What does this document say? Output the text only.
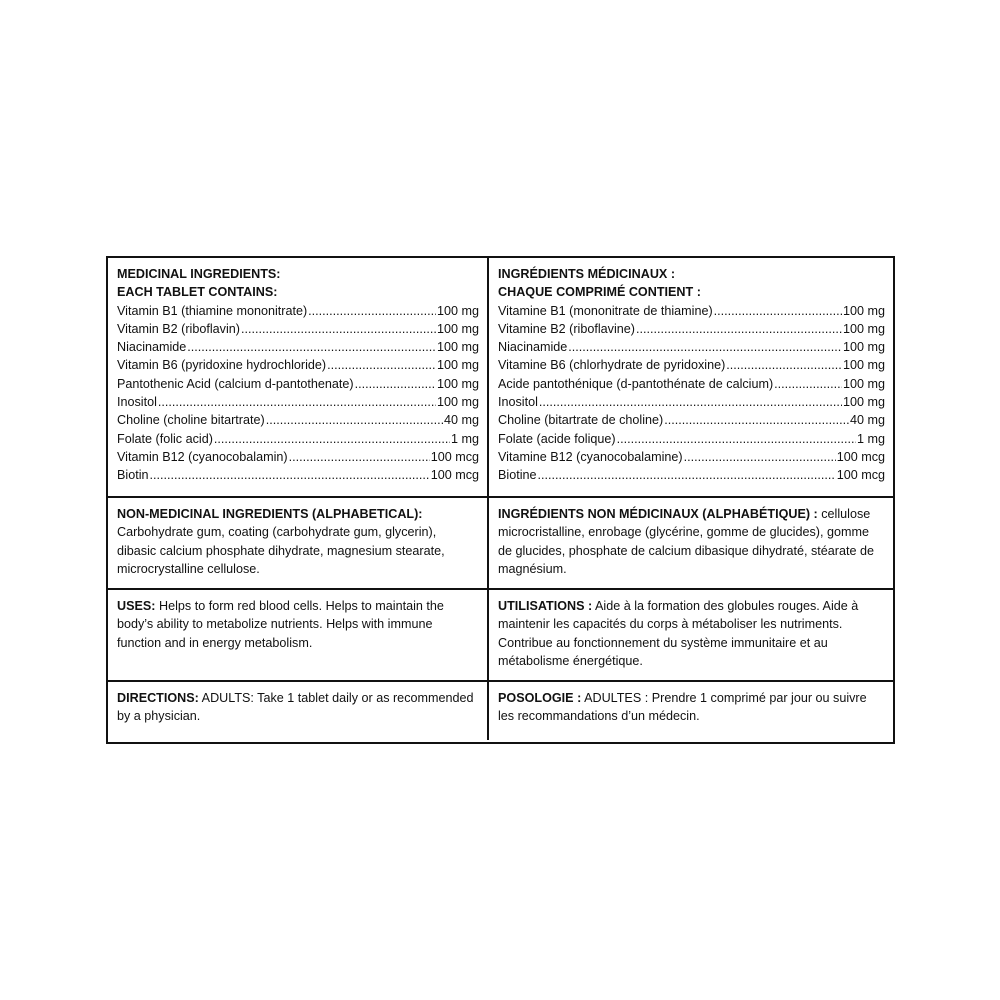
MEDICINAL INGREDIENTS:
EACH TABLET CONTAINS:
Vitamin B1 (thiamine mononitrate) .....	100 mg
Vitamin B2 (riboflavin) .....	100 mg
Niacinamide .....	100 mg
Vitamin B6 (pyridoxine hydrochloride) .....	100 mg
Pantothenic Acid (calcium d-pantothenate) .....	100 mg
Inositol .....	100 mg
Choline (choline bitartrate) .....	40 mg
Folate (folic acid) .....	1 mg
Vitamin B12 (cyanocobalamin) .....	100 mcg
Biotin .....	100 mcg
INGRÉDIENTS MÉDICINAUX :
CHAQUE COMPRIMÉ CONTIENT :
Vitamine B1 (mononitrate de thiamine) .....	100 mg
Vitamine B2 (riboflavine) .....	100 mg
Niacinamide .....	100 mg
Vitamine B6 (chlorhydrate de pyridoxine) .....	100 mg
Acide pantothénique (d-pantothénate de calcium) .....	100 mg
Inositol .....	100 mg
Choline (bitartrate de choline) .....	40 mg
Folate (acide folique) .....	1 mg
Vitamine B12 (cyanocobalamine) .....	100 mcg
Biotine .....	100 mcg
NON-MEDICINAL INGREDIENTS (ALPHABETICAL):
Carbohydrate gum, coating (carbohydrate gum, glycerin), dibasic calcium phosphate dihydrate, magnesium stearate, microcrystalline cellulose.
INGRÉDIENTS NON MÉDICINAUX (ALPHABÉTIQUE) : cellulose microcristalline, enrobage (glycérine, gomme de glucides), gomme de glucides, phosphate de calcium dibasique dihydraté, stéarate de magnésium.
USES: Helps to form red blood cells. Helps to maintain the body’s ability to metabolize nutrients. Helps with immune function and in energy metabolism.
UTILISATIONS : Aide à la formation des globules rouges. Aide à maintenir les capacités du corps à métaboliser les nutriments. Contribue au fonctionnement du système immunitaire et au métabolisme énergétique.
DIRECTIONS: ADULTS: Take 1 tablet daily or as recommended by a physician.
POSOLOGIE : ADULTES : Prendre 1 comprimé par jour ou suivre les recommandations d’un médecin.
